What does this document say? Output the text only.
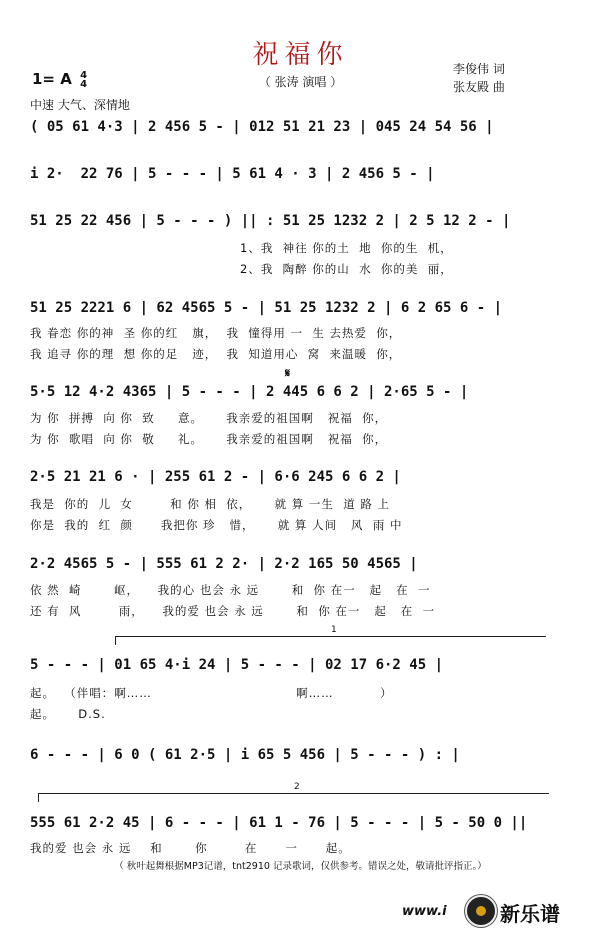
祝福你
（ 张涛 演唱 ）
李俊伟 词
张友殿 曲
1= A 4
4
中速 大气、深情地
( 05 61 4·3 | 2 456 5 - | 012 51 21 23 | 045 24 54 56 |
i 2·  22 76 | 5 - - - | 5 61 4 · 3 | 2 456 5 - |
51 25 22 456 | 5 - - - ) || : 51 25 1232 2 | 2 5 12 2 - |
1、我  神往 你的土  地  你的生  机，
2、我  陶醉 你的山  水  你的美  丽，
51 25 2221 6 | 62 4565 5 - | 51 25 1232 2 | 6 2 65 6 - |
我 眷恋 你的神  圣 你的红   旗，  我  憧得用 一  生 去热爱  你，
我 追寻 你的理  想 你的足   迹，  我  知道用心  窝  来温暖  你，
𝄋
5·5 12 4·2 4365 | 5 - - - | 2 445 6 6 2 | 2·65 5 - |
为 你  拼搏  向 你  致     意。     我亲爱的祖国啊   祝福  你，
为 你  歌唱  向 你  敬     礼。     我亲爱的祖国啊   祝福  你，
2·5 21 21 6 · | 255 61 2 - | 6·6 245 6 6 2 |
我是  你的  儿  女        和 你 相  依，     就 算 一生  道 路 上
你是  我的  红  颜      我把你 珍   惜，     就 算 人间   风  雨 中
2·2 4565 5 - | 555 61 2 2· | 2·2 165 50 4565 |
依 然  崎       岖，    我的心 也会 永 远       和  你 在一   起   在  一
还 有  风        雨，    我的爱 也会 永 远       和  你 在一   起   在  一
1
5 - - - | 01 65 4·i 24 | 5 - - - | 02 17 6·2 45 |
起。  （伴唱：啊……                               啊……          ）
起。     D.S.
6 - - - | 6 0 ( 61 2·5 | i 65 5 456 | 5 - - - ) : |
2
555 61 2·2 45 | 6 - - - | 61 1 - 76 | 5 - - - | 5 - 50 0 ||
我的爱 也会 永 远    和       你        在      一      起。
（ 秋叶起舞根据MP3记谱，tnt2910 记录歌词，仅供参考。错误之处，敬请批评指正。）
www.i	新乐谱
